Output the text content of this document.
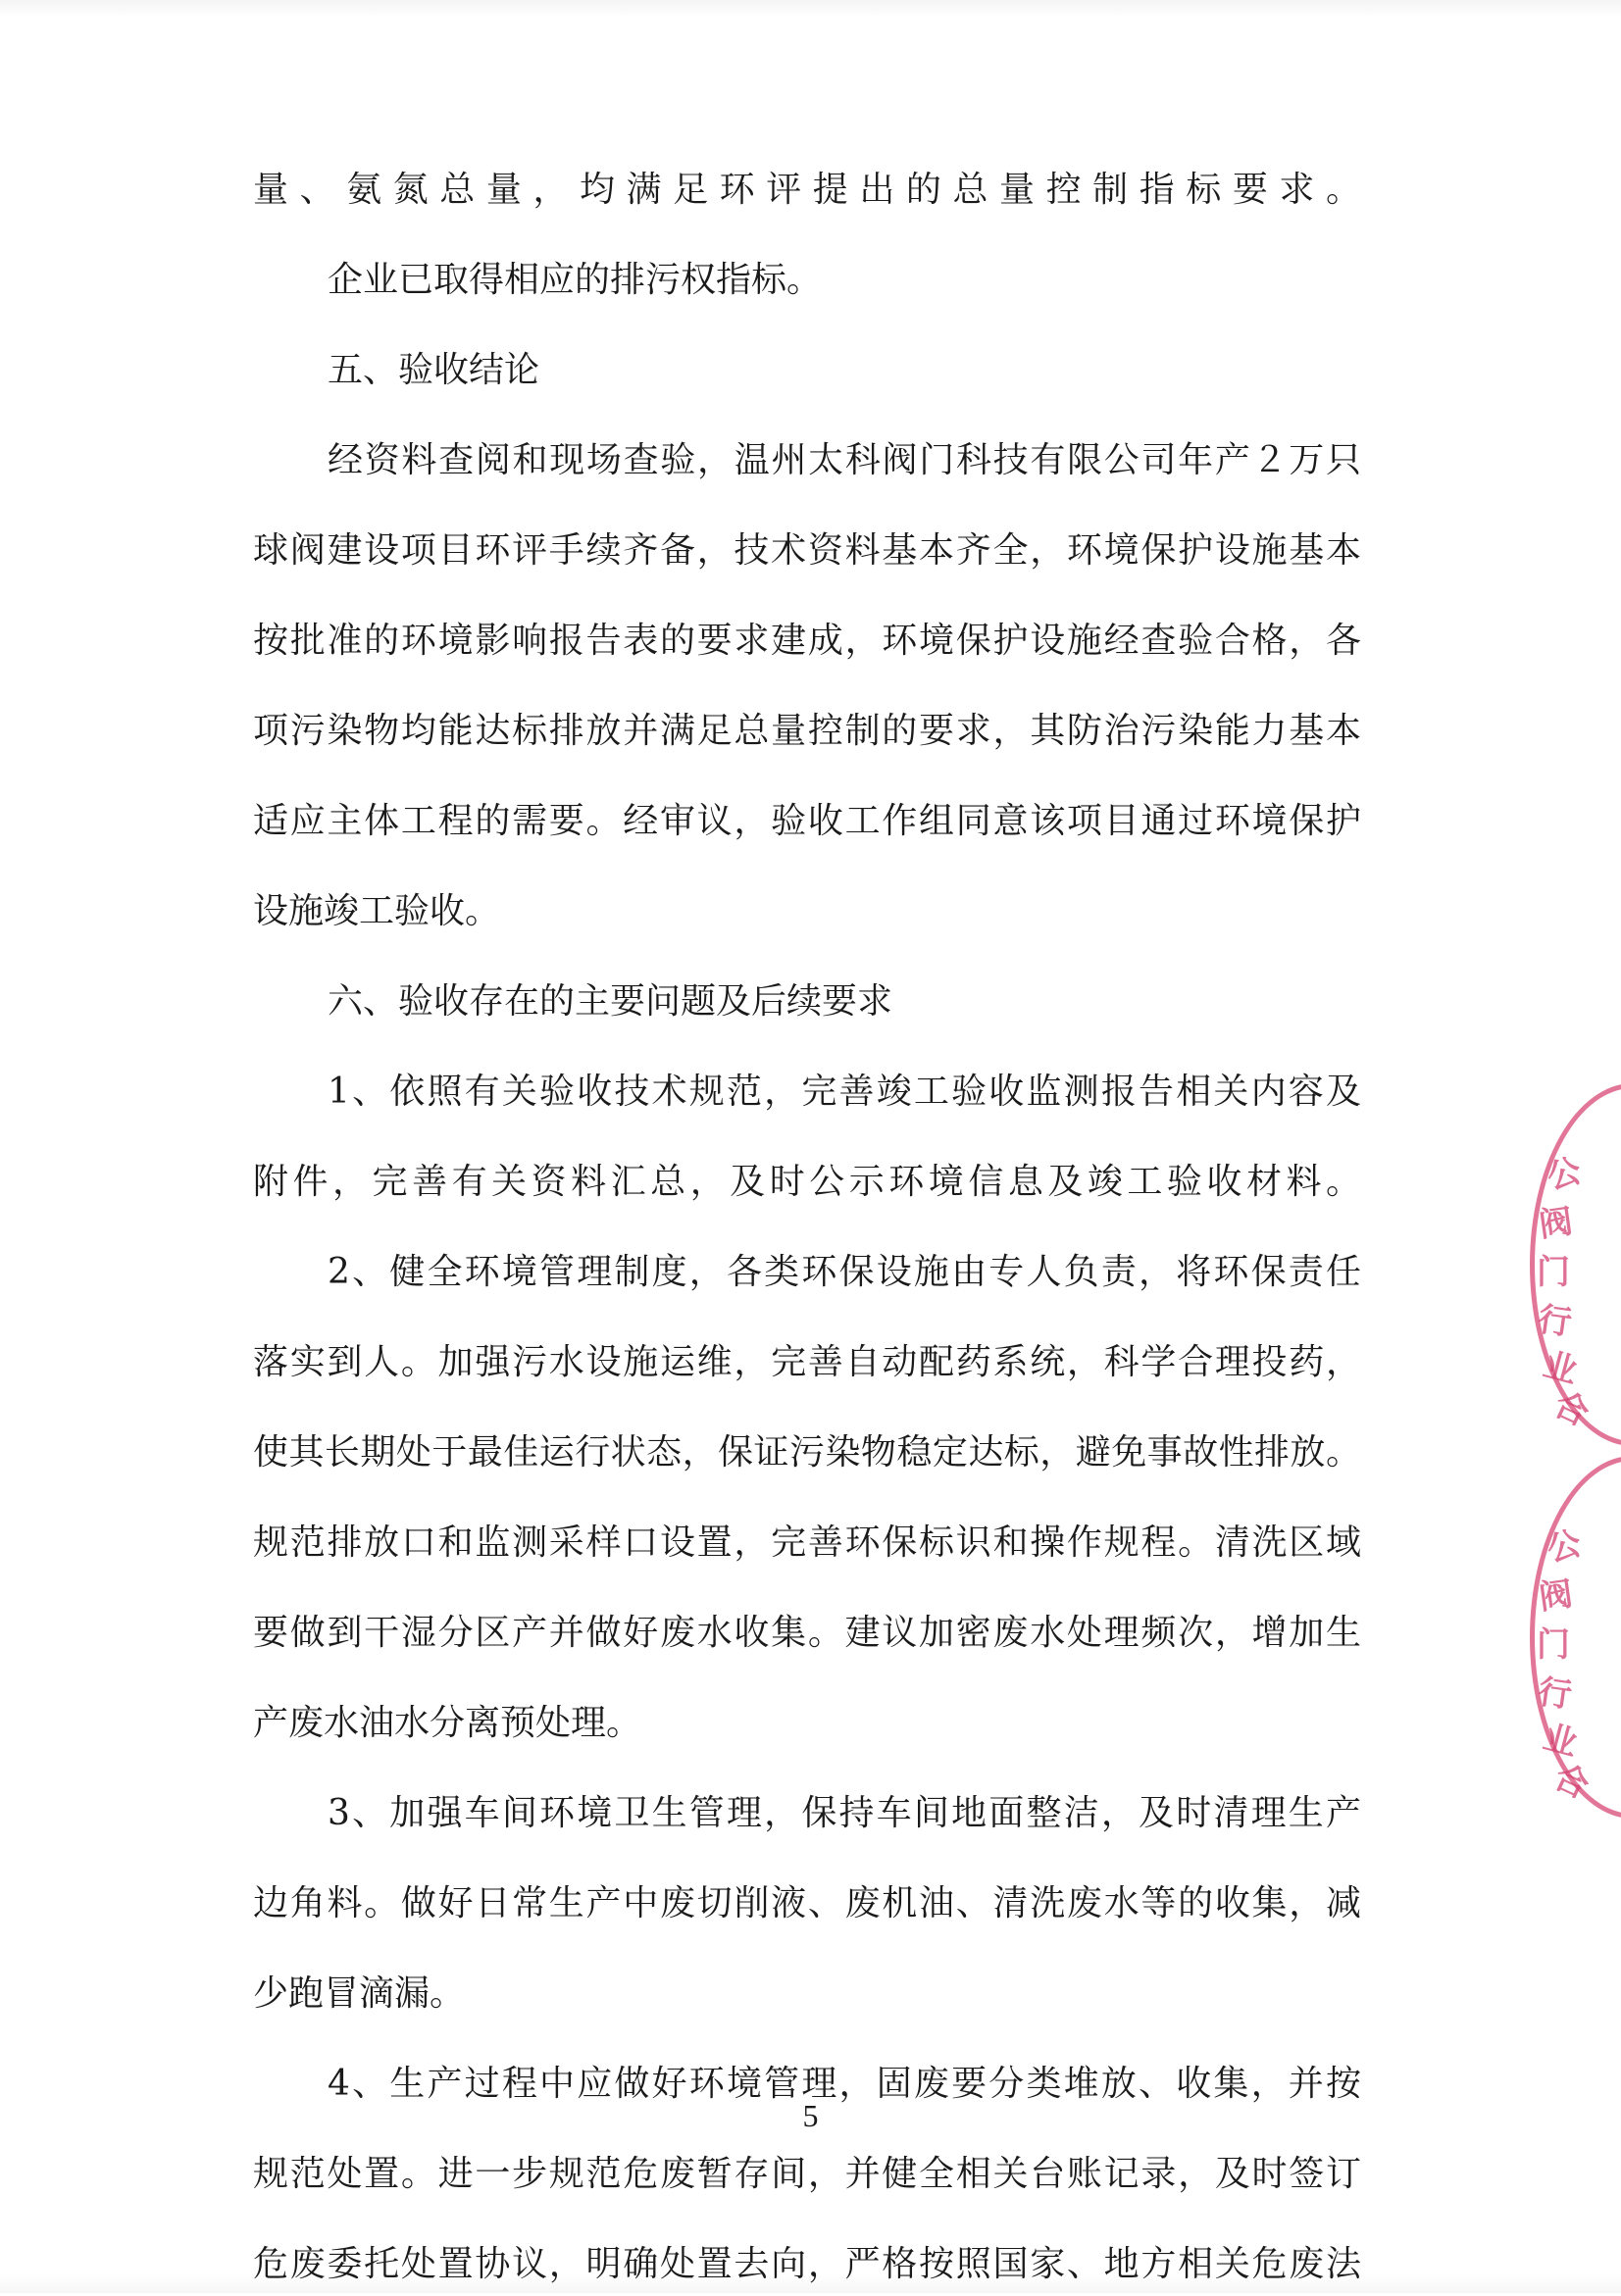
量、氨氮总量，均满足环评提出的总量控制指标要求。
企业已取得相应的排污权指标。
五、验收结论
经资料查阅和现场查验，温州太科阀门科技有限公司年产２万只
球阀建设项目环评手续齐备，技术资料基本齐全，环境保护设施基本
按批准的环境影响报告表的要求建成，环境保护设施经查验合格，各
项污染物均能达标排放并满足总量控制的要求，其防治污染能力基本
适应主体工程的需要。经审议，验收工作组同意该项目通过环境保护
设施竣工验收。
六、验收存在的主要问题及后续要求
1、依照有关验收技术规范，完善竣工验收监测报告相关内容及
附件，完善有关资料汇总，及时公示环境信息及竣工验收材料。
2、健全环境管理制度，各类环保设施由专人负责，将环保责任
落实到人。加强污水设施运维，完善自动配药系统，科学合理投药，
使其长期处于最佳运行状态，保证污染物稳定达标，避免事故性排放。
规范排放口和监测采样口设置，完善环保标识和操作规程。清洗区域
要做到干湿分区产并做好废水收集。建议加密废水处理频次，增加生
产废水油水分离预处理。
3、加强车间环境卫生管理，保持车间地面整洁，及时清理生产
边角料。做好日常生产中废切削液、废机油、清洗废水等的收集，减
少跑冒滴漏。
4、生产过程中应做好环境管理，固废要分类堆放、收集，并按
规范处置。进一步规范危废暂存间，并健全相关台账记录，及时签订
危废委托处置协议，明确处置去向，严格按照国家、地方相关危废法
5
公
阀
门
行
业
合
公
阀
门
行
业
合
